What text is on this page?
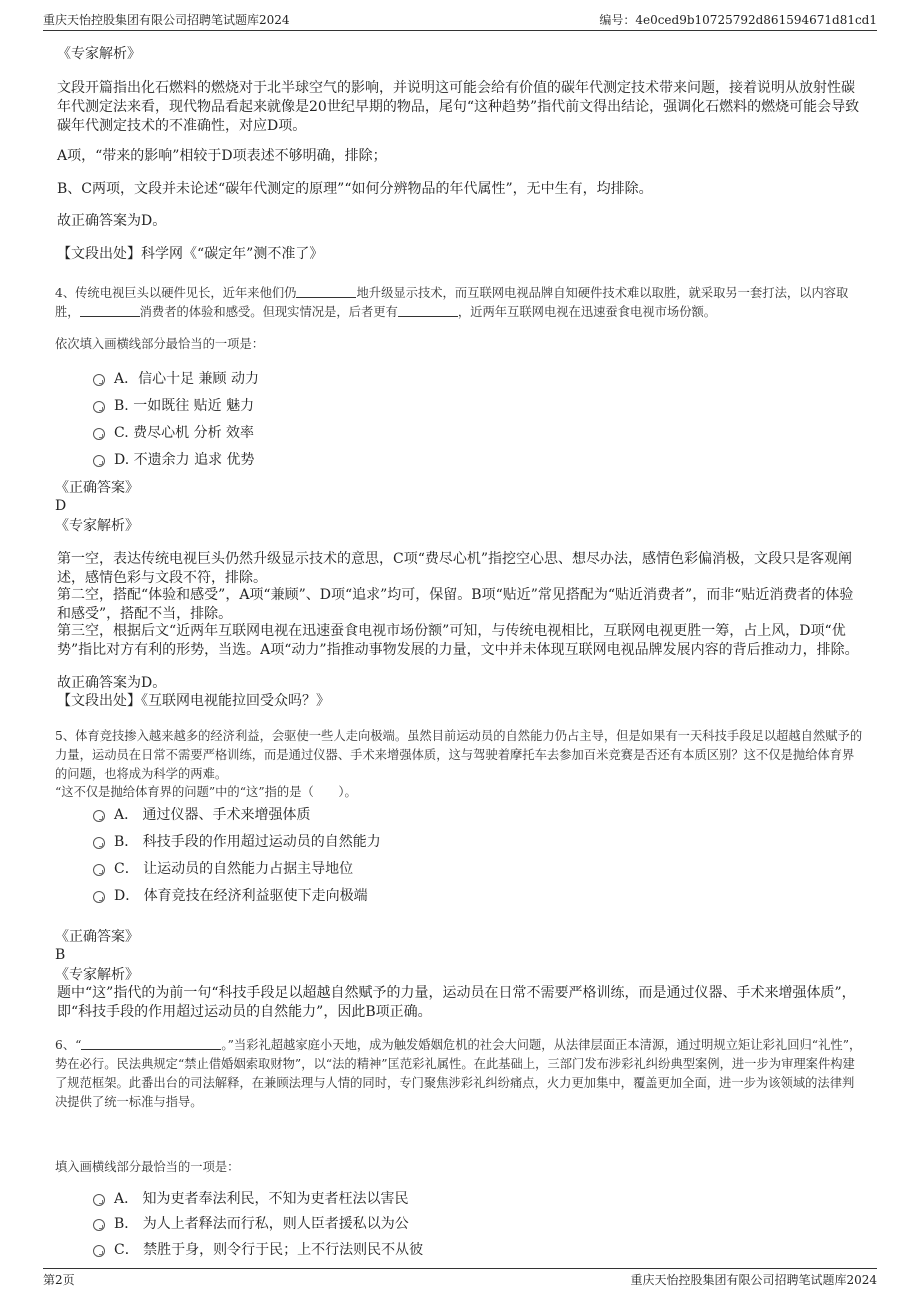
重庆天怡控股集团有限公司招聘笔试题库2024	编号：4e0ced9b10725792d861594671d81cd1
《专家解析》

文段开篇指出化石燃料的燃烧对于北半球空气的影响，并说明这可能会给有价值的碳年代测定技术带来问题，接着说明从放射性碳年代测定法来看，现代物品看起来就像是20世纪早期的物品，尾句“这种趋势”指代前文得出结论，强调化石燃料的燃烧可能会导致碳年代测定技术的不准确性，对应D项。

A项，“带来的影响”相较于D项表述不够明确，排除；
B、C两项，文段并未论述“碳年代测定的原理”“如何分辨物品的年代属性”，无中生有，均排除。
故正确答案为D。
【文段出处】科学网《“碳定年”测不准了》

4、传统电视巨头以硬件见长，近年来他们仍	地升级显示技术，而互联网电视品牌自知硬件技术难以取胜，就采取另一套打法，以内容取胜，	消费者的体验和感受。但现实情况是，后者更有	，近两年互联网电视在迅速蚕食电视市场份额。

依次填入画横线部分最恰当的一项是：
A．信心十足 兼顾 动力
B. 一如既往 贴近 魅力
C. 费尽心机 分析 效率
D. 不遗余力 追求 优势
《正确答案》
D
《专家解析》

第一空，表达传统电视巨头仍然升级显示技术的意思，C项“费尽心机”指挖空心思、想尽办法，感情色彩偏消极，文段只是客观阐述，感情色彩与文段不符，排除。

第二空，搭配“体验和感受”，A项“兼顾”、D项“追求”均可，保留。B项“贴近”常见搭配为“贴近消费者”，而非“贴近消费者的体验和感受”，搭配不当，排除。

第三空，根据后文“近两年互联网电视在迅速蚕食电视市场份额”可知，与传统电视相比，互联网电视更胜一筹，占上风，D项“优势”指比对方有利的形势，当选。A项“动力”指推动事物发展的力量，文中并未体现互联网电视品牌发展内容的背后推动力，排除。

故正确答案为D。
【文段出处】《互联网电视能拉回受众吗？》

5、体育竞技掺入越来越多的经济利益，会驱使一些人走向极端。虽然目前运动员的自然能力仍占主导，但是如果有一天科技手段足以超越自然赋予的力量，运动员在日常不需要严格训练，而是通过仪器、手术来增强体质，这与驾驶着摩托车去参加百米竞赛是否还有本质区别？这不仅是抛给体育界的问题，也将成为科学的两难。

“这不仅是抛给体育界的问题”中的“这”指的是（　　）。
A． 通过仪器、手术来增强体质
B． 科技手段的作用超过运动员的自然能力
C． 让运动员的自然能力占据主导地位
D． 体育竞技在经济利益驱使下走向极端
《正确答案》
B
《专家解析》

题中“这”指代的为前一句“科技手段足以超越自然赋予的力量，运动员在日常不需要严格训练，而是通过仪器、手术来增强体质”，即“科技手段的作用超过运动员的自然能力”，因此B项正确。

6、“	。”当彩礼超越家庭小天地，成为触发婚姻危机的社会大问题，从法律层面正本清源，通过明规立矩让彩礼回归“礼性”，势在必行。民法典规定“禁止借婚姻索取财物”，以“法的精神”匡范彩礼属性。在此基础上，三部门发布涉彩礼纠纷典型案例，进一步为审理案件构建了规范框架。此番出台的司法解释，在兼顾法理与人情的同时，专门聚焦涉彩礼纠纷痛点，火力更加集中，覆盖更加全面，进一步为该领域的法律判决提供了统一标准与指导。

填入画横线部分最恰当的一项是：
A． 知为吏者奉法利民，不知为吏者枉法以害民
B． 为人上者释法而行私，则人臣者援私以为公
C． 禁胜于身，则令行于民；上不行法则民不从彼
第2页	重庆天怡控股集团有限公司招聘笔试题库2024
